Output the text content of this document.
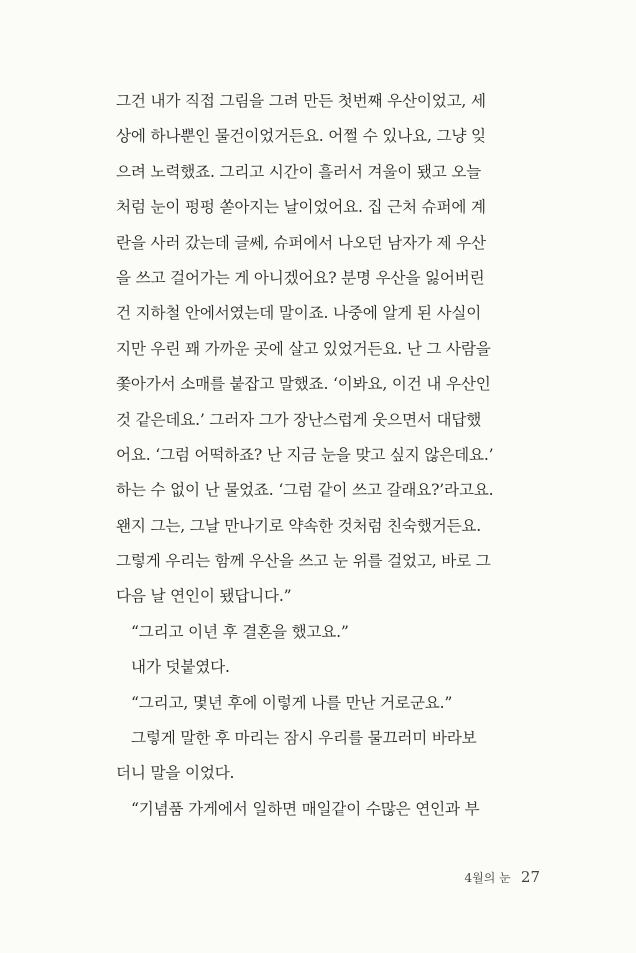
그건 내가 직접 그림을 그려 만든 첫번째 우산이었고, 세
상에 하나뿐인 물건이었거든요. 어쩔 수 있나요, 그냥 잊
으려 노력했죠. 그리고 시간이 흘러서 겨울이 됐고 오늘
처럼 눈이 펑펑 쏟아지는 날이었어요. 집 근처 슈퍼에 계
란을 사러 갔는데 글쎄, 슈퍼에서 나오던 남자가 제 우산
을 쓰고 걸어가는 게 아니겠어요? 분명 우산을 잃어버린
건 지하철 안에서였는데 말이죠. 나중에 알게 된 사실이
지만 우린 꽤 가까운 곳에 살고 있었거든요. 난 그 사람을
쫓아가서 소매를 붙잡고 말했죠. ‘이봐요, 이건 내 우산인
것 같은데요.’ 그러자 그가 장난스럽게 웃으면서 대답했
어요. ‘그럼 어떡하죠? 난 지금 눈을 맞고 싶지 않은데요.’
하는 수 없이 난 물었죠. ‘그럼 같이 쓰고 갈래요?’라고요.
왠지 그는, 그날 만나기로 약속한 것처럼 친숙했거든요.
그렇게 우리는 함께 우산을 쓰고 눈 위를 걸었고, 바로 그
다음 날 연인이 됐답니다.”
“그리고 이년 후 결혼을 했고요.”
내가 덧붙였다.
“그리고, 몇년 후에 이렇게 나를 만난 거로군요.”
그렇게 말한 후 마리는 잠시 우리를 물끄러미 바라보
더니 말을 이었다.
“기념품 가게에서 일하면 매일같이 수많은 연인과 부
4월의 눈 27
